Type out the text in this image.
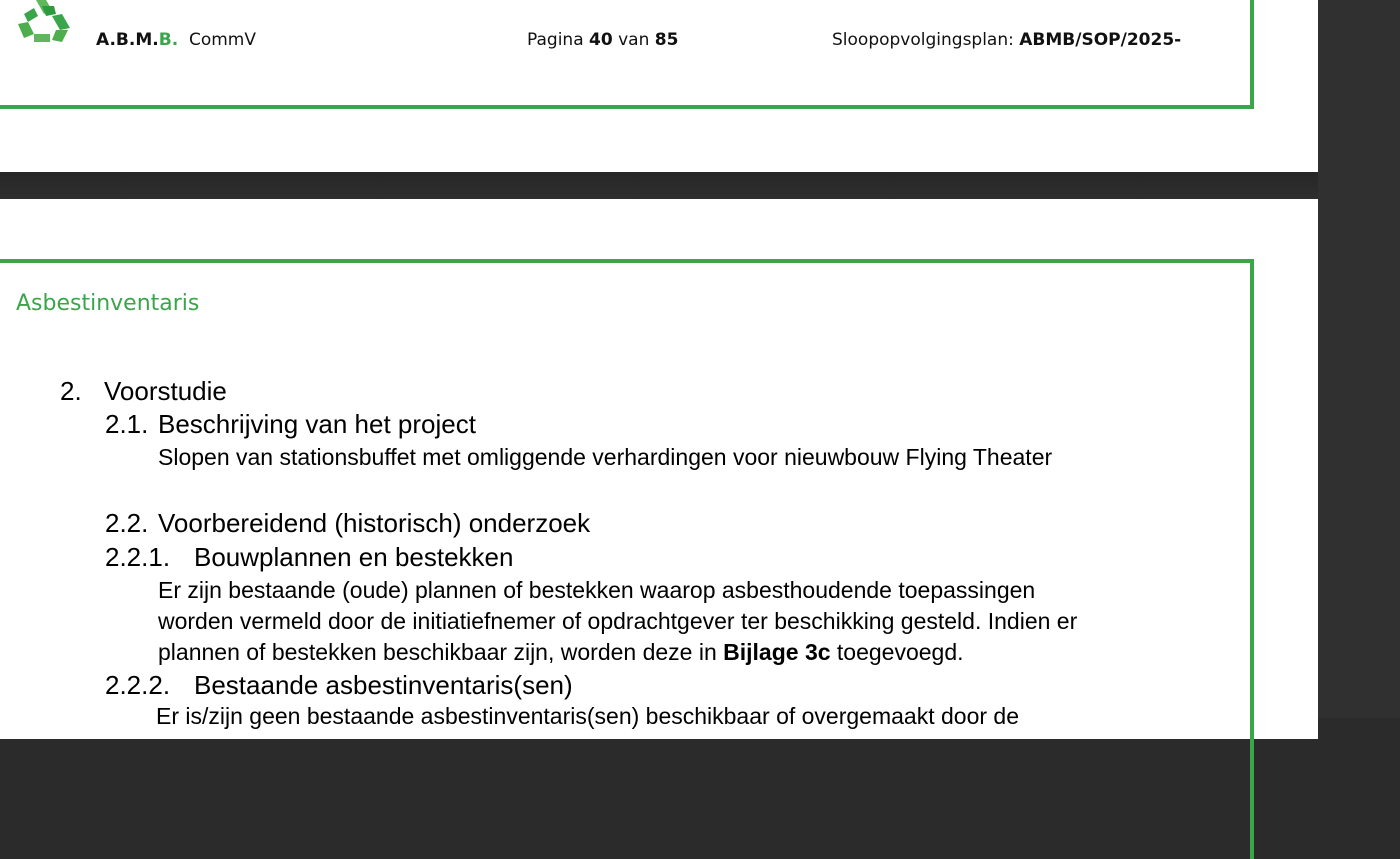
A.B.M.B. CommV	Pagina 40 van 85	Sloopopvolgingsplan: ABMB/SOP/2025-
Asbestinventaris
2. Voorstudie
2.1. Beschrijving van het project
Slopen van stationsbuffet met omliggende verhardingen voor nieuwbouw Flying Theater
2.2. Voorbereidend (historisch) onderzoek
2.2.1. Bouwplannen en bestekken
Er zijn bestaande (oude) plannen of bestekken waarop asbesthoudende toepassingen
worden vermeld door de initiatiefnemer of opdrachtgever ter beschikking gesteld. Indien er
plannen of bestekken beschikbaar zijn, worden deze in Bijlage 3c toegevoegd.
2.2.2. Bestaande asbestinventaris(sen)
Er is/zijn geen bestaande asbestinventaris(sen) beschikbaar of overgemaakt door de
